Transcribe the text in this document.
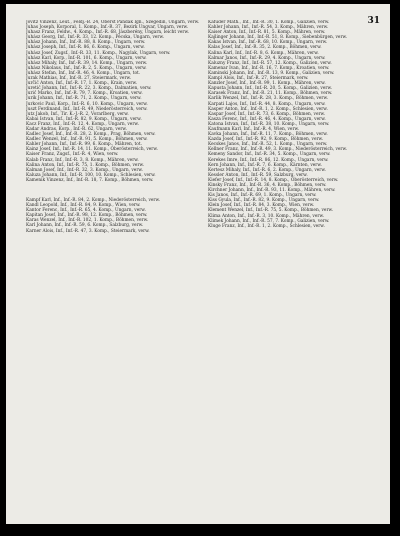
31
Jovitz Vinzenz, Leut., Feldj.-B. 24, Oberst Pandak Ign., Szegedin, Ungarn, verw.
Juhas Joseph, Korporal, 1. Komp., Inf.-R. 37, Bezirk Ungvar, Ungarn, verw.
Juhasz Franz, Feldw., 4. Komp., Inf.-R. 68, Jászberény, Ungarn, leicht verw.
Juhász Georg, Inf., Inf.-R. 33, 12. Komp., Pécska, Ungarn, verw.
Juhász Johann, Inf., Inf.-R. 88, 8. Komp., Ungarn, verw.
Juhász Joseph, Inf., Inf.-R. 86, 6. Komp., Ungarn, verw.
Juhász Josef, Zugsf., Inf.-R. 33, 11. Komp., Nagylak, Ungarn, verw.
Juhász Karl, Korp., Inf.-R. 101, 6. Komp., Ungarn, verw.
Juhász Mihaly, Inf., Inf.-R. 39, 14. Komp., Ungarn, verw.
Juhász Nikolaus, Inf., Inf.-R. 2, 5. Komp., Ungarn, verw.
Juhász Stefan, Inf., Inf.-R. 46, 4. Komp., Ungarn, tot.
Jurak Mathias, Inf., Inf.-R. 27, Steiermark, verw.
Jurčić Anton, Inf., Inf.-R. 17, 1. Komp., Krain, verw.
Juretić Johann, Inf., Inf.-R. 22, 3. Komp., Dalmatien, verw.
Jurić Marko, Inf., Inf.-R. 79, 7. Komp., Kroatien, verw.
Jurik Johann, Inf., Inf.-R. 71, 2. Komp., Ungarn, verw.
Jurkovic Paul, Korp., Inf.-R. 6, 10. Komp., Ungarn, verw.
Juszt Ferdinand, Inf., Inf.-R. 49, Niederösterreich, verw.
Jutz Jakob, Inf., Tir. K.-J.-R. 2, Vorarlberg, verw.
Kabai Istvan, Inf., Inf.-R. 82, 9. Komp., Ungarn, verw.
Kacz Franz, Inf., Inf.-R. 12, 4. Komp., Ungarn, verw.
Kadar Andras, Korp., Inf.-R. 62, Ungarn, verw.
Kadlec Josef, Inf., Inf.-R. 28, 2. Komp., Prag, Böhmen, verw.
Kadlec Wenzel, Inf., Inf.-R. 91, 5. Komp., Böhmen, verw.
Kahler Johann, Inf., Inf.-R. 99, 6. Komp., Mähren, tot.
Kainz Josef, Inf., Inf.-R. 14, 11. Komp., Oberösterreich, verw.
Kaiser Franz, Zugsf., Inf.-R. 4, Wien, verw.
Kalab Franz, Inf., Inf.-R. 3, 8. Komp., Mähren, verw.
Kalina Anton, Inf., Inf.-R. 75, 1. Komp., Böhmen, verw.
Kalman Josef, Inf., Inf.-R. 32, 3. Komp., Ungarn, verw.
Kaluza Johann, Inf., Inf.-R. 100, 10. Komp., Schlesien, verw.
Kamenik Vinzenz, Inf., Inf.-R. 18, 7. Komp., Böhmen, verw.
Kampf Karl, Inf., Inf.-R. 84, 2. Komp., Niederösterreich, verw.
Kandl Leopold, Inf., Inf.-R. 84, 9. Komp., Wien, verw.
Kantor Ferenc, Inf., Inf.-R. 65, 4. Komp., Ungarn, verw.
Kapitan Josef, Inf., Inf.-R. 98, 12. Komp., Böhmen, verw.
Karas Wenzel, Inf., Inf.-R. 102, 1. Komp., Böhmen, verw.
Karl Johann, Inf., Inf.-R. 59, 6. Komp., Salzburg, verw.
Karner Alois, Inf., Inf.-R. 47, 3. Komp., Steiermark, verw.
Kafuder Math., Inf., Inf.-R. 30, 1. Komp., Galizien, verw.
Kahler Johann, Inf., Inf.-R. 54, 3. Komp., Mähren, verw.
Kaiser Anton, Inf., Inf.-R. 81, 5. Komp., Mähren, verw.
Kajlinger Johann, Inf., Inf.-R. 51, 8. Komp., Siebenbürgen, verw.
Kakas Istvan, Inf., Inf.-R. 68, 10. Komp., Ungarn, verw.
Kalas Josef, Inf., Inf.-R. 35, 2. Komp., Böhmen, verw.
Kalina Karl, Inf., Inf.-R. 8, 6. Komp., Mähren, verw.
Kalmar Janos, Inf., Inf.-R. 29, 4. Komp., Ungarn, verw.
Kaluzny Franz, Inf., Inf.-R. 57, 12. Komp., Galizien, verw.
Kamenar Ivan, Inf., Inf.-R. 16, 7. Komp., Kroatien, verw.
Kaminski Johann, Inf., Inf.-R. 13, 9. Komp., Galizien, verw.
Kampl Alois, Inf., Inf.-R. 27, Steiermark, verw.
Kanzler Josef, Inf., Inf.-R. 99, 1. Komp., Mähren, verw.
Kapusta Johann, Inf., Inf.-R. 20, 5. Komp., Galizien, verw.
Karasek Franz, Inf., Inf.-R. 21, 11. Komp., Böhmen, verw.
Karlik Wenzel, Inf., Inf.-R. 28, 3. Komp., Böhmen, verw.
Karpati Lajos, Inf., Inf.-R. 44, 8. Komp., Ungarn, verw.
Kasper Anton, Inf., Inf.-R. 1, 2. Komp., Schlesien, verw.
Kaspar Josef, Inf., Inf.-R. 73, 6. Komp., Böhmen, verw.
Kasza Ferenc, Inf., Inf.-R. 46, 4. Komp., Ungarn, verw.
Katona Istvan, Inf., Inf.-R. 38, 10. Komp., Ungarn, verw.
Kaufmann Karl, Inf., Inf.-R. 4, Wien, verw.
Kavka Johann, Inf., Inf.-R. 11, 7. Komp., Böhmen, verw.
Kazda Josef, Inf., Inf.-R. 92, 9. Komp., Böhmen, verw.
Kecskes Janos, Inf., Inf.-R. 52, 1. Komp., Ungarn, verw.
Kellner Franz, Inf., Inf.-R. 49, 3. Komp., Niederösterreich, verw.
Kemeny Sandor, Inf., Inf.-R. 34, 5. Komp., Ungarn, verw.
Kerekes Imre, Inf., Inf.-R. 86, 12. Komp., Ungarn, verw.
Kern Johann, Inf., Inf.-R. 7, 6. Komp., Kärnten, verw.
Kertesz Mihaly, Inf., Inf.-R. 6, 2. Komp., Ungarn, verw.
Kessler Anton, Inf., Inf.-R. 59, Salzburg, verw.
Kiefer Josef, Inf., Inf.-R. 14, 8. Komp., Oberösterreich, verw.
Kinsky Franz, Inf., Inf.-R. 36, 4. Komp., Böhmen, verw.
Kirchner Johann, Inf., Inf.-R. 93, 11. Komp., Mähren, verw.
Kis Janos, Inf., Inf.-R. 69, 1. Komp., Ungarn, verw.
Kiss Gyula, Inf., Inf.-R. 82, 9. Komp., Ungarn, verw.
Klein Josef, Inf., Inf.-R. 84, 3. Komp., Wien, verw.
Klement Wenzel, Inf., Inf.-R. 75, 5. Komp., Böhmen, verw.
Klima Anton, Inf., Inf.-R. 3, 10. Komp., Mähren, verw.
Klimek Johann, Inf., Inf.-R. 57, 7. Komp., Galizien, verw.
Kluge Franz, Inf., Inf.-R. 1, 2. Komp., Schlesien, verw.
